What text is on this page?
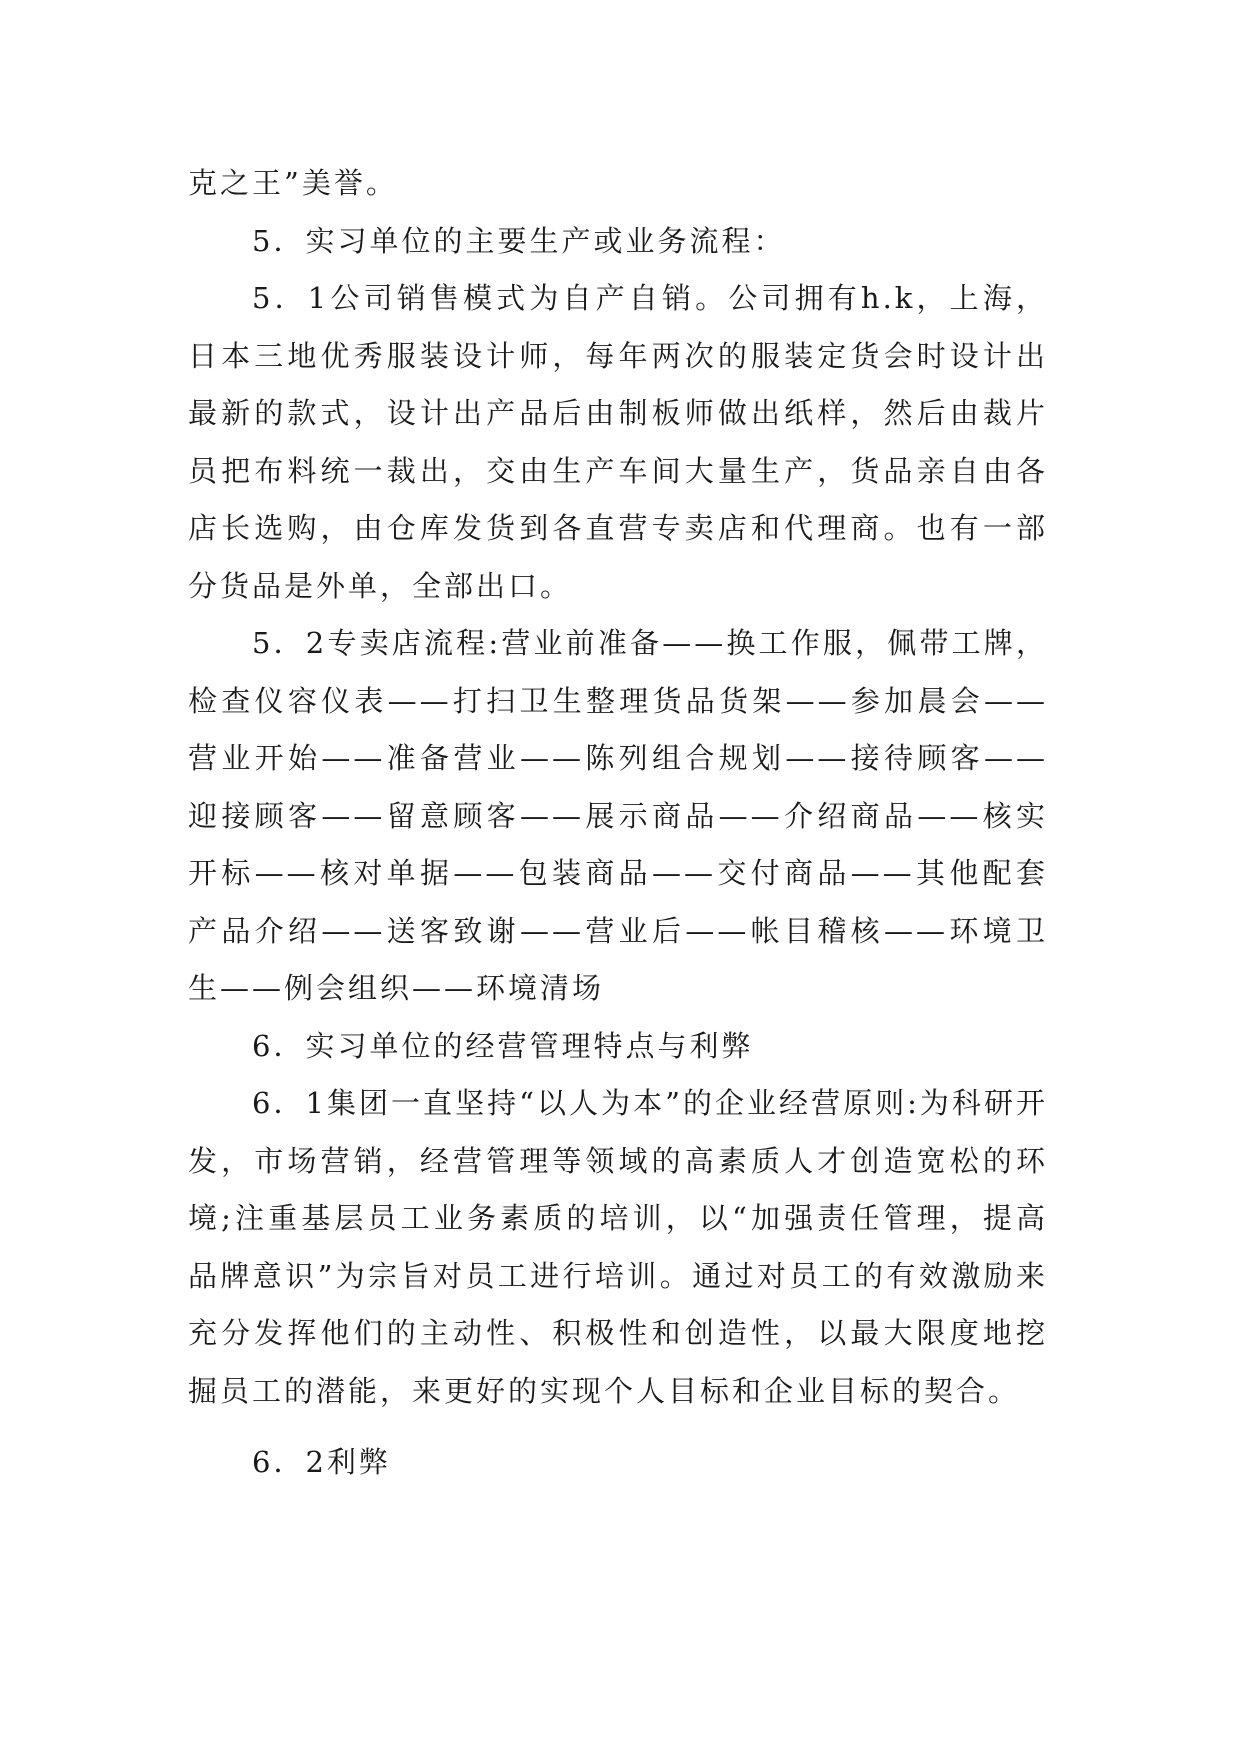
克之王”美誉。

5．实习单位的主要生产或业务流程：

5．1公司销售模式为自产自销。公司拥有h.k，上海，日本三地优秀服装设计师，每年两次的服装定货会时设计出最新的款式，设计出产品后由制板师做出纸样，然后由裁片员把布料统一裁出，交由生产车间大量生产，货品亲自由各店长选购，由仓库发货到各直营专卖店和代理商。也有一部分货品是外单，全部出口。

5．2专卖店流程:营业前准备——换工作服，佩带工牌，检查仪容仪表——打扫卫生整理货品货架——参加晨会——营业开始——准备营业——陈列组合规划——接待顾客——迎接顾客——留意顾客——展示商品——介绍商品——核实开标——核对单据——包装商品——交付商品——其他配套产品介绍——送客致谢——营业后——帐目稽核——环境卫生——例会组织——环境清场

6．实习单位的经营管理特点与利弊

6．1集团一直坚持“以人为本”的企业经营原则:为科研开发，市场营销，经营管理等领域的高素质人才创造宽松的环境;注重基层员工业务素质的培训，以“加强责任管理，提高品牌意识”为宗旨对员工进行培训。通过对员工的有效激励来充分发挥他们的主动性、积极性和创造性，以最大限度地挖掘员工的潜能，来更好的实现个人目标和企业目标的契合。

6．2利弊
